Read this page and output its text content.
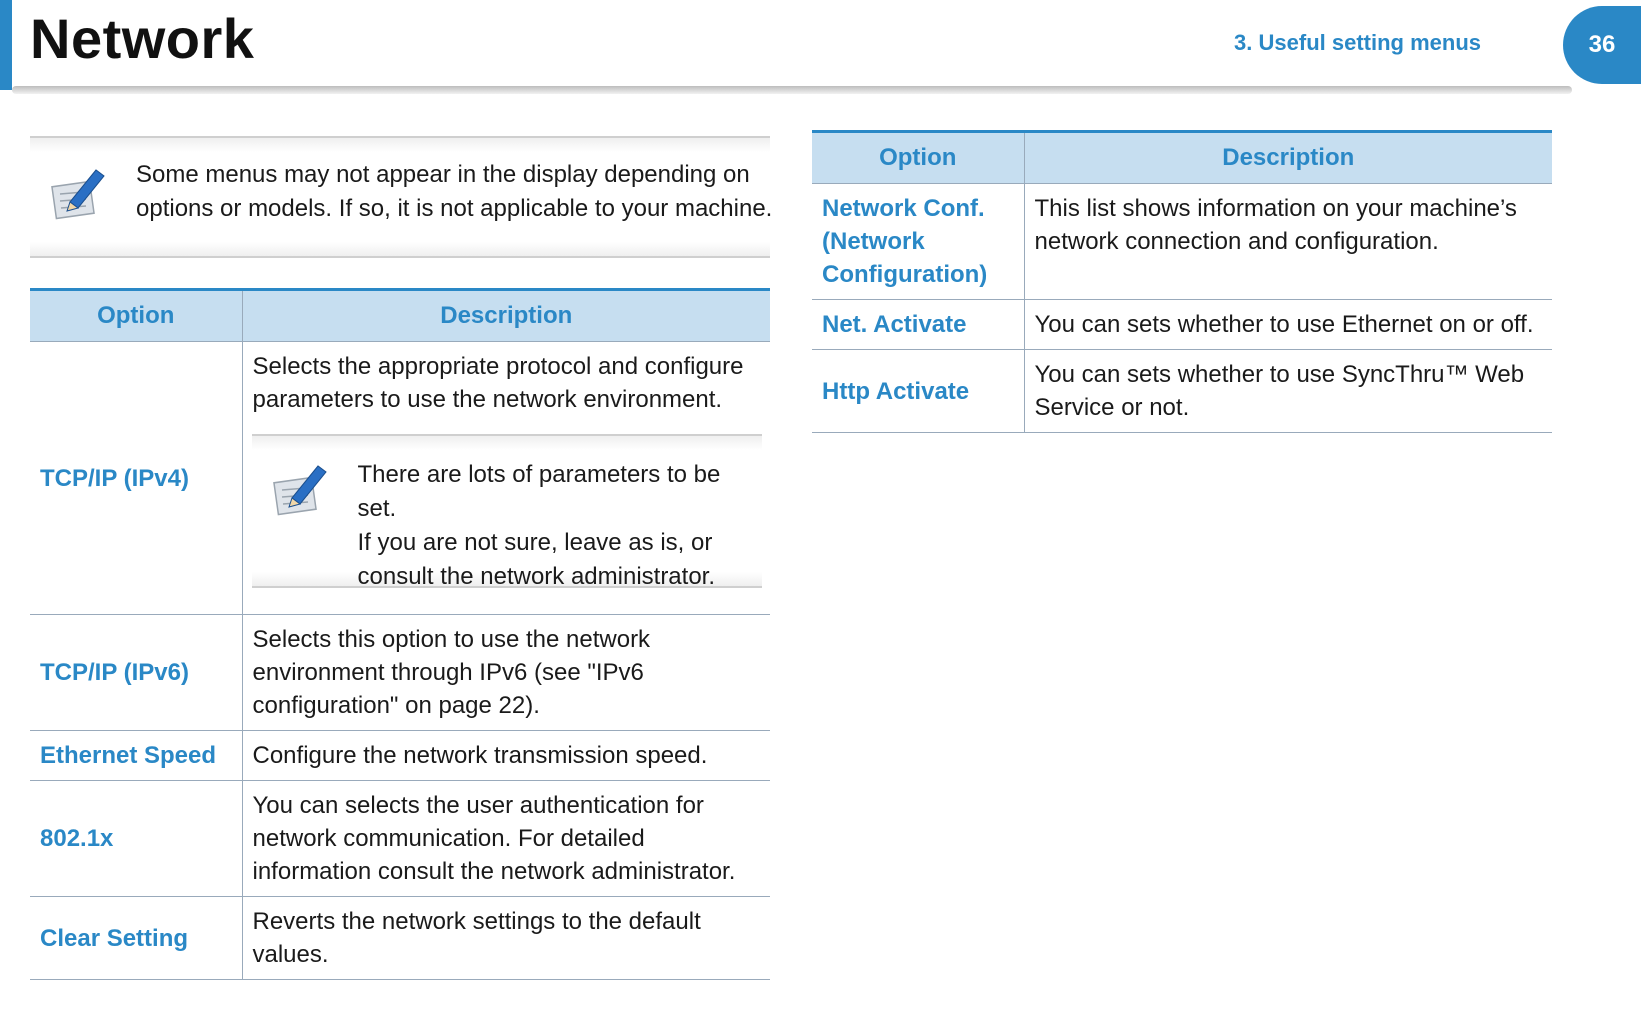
Network	3. Useful setting menus	36
Some menus may not appear in the display depending on
options or models. If so, it is not applicable to your machine.
Option	Description
TCP/IP (IPv4)	Selects the appropriate protocol and configure parameters to use the network environment.
There are lots of parameters to be set.
If you are not sure, leave as is, or
consult the network administrator.

TCP/IP (IPv6)	Selects this option to use the network environment through IPv6 (see "IPv6 configuration" on page 22).
Ethernet Speed	Configure the network transmission speed.
802.1x	You can selects the user authentication for network communication. For detailed information consult the network administrator.
Clear Setting	Reverts the network settings to the default values.
Option	Description
Network Conf. (Network Configuration)	This list shows information on your machine’s network connection and configuration.
Net. Activate	You can sets whether to use Ethernet on or off.
Http Activate	You can sets whether to use SyncThru™ Web Service or not.
